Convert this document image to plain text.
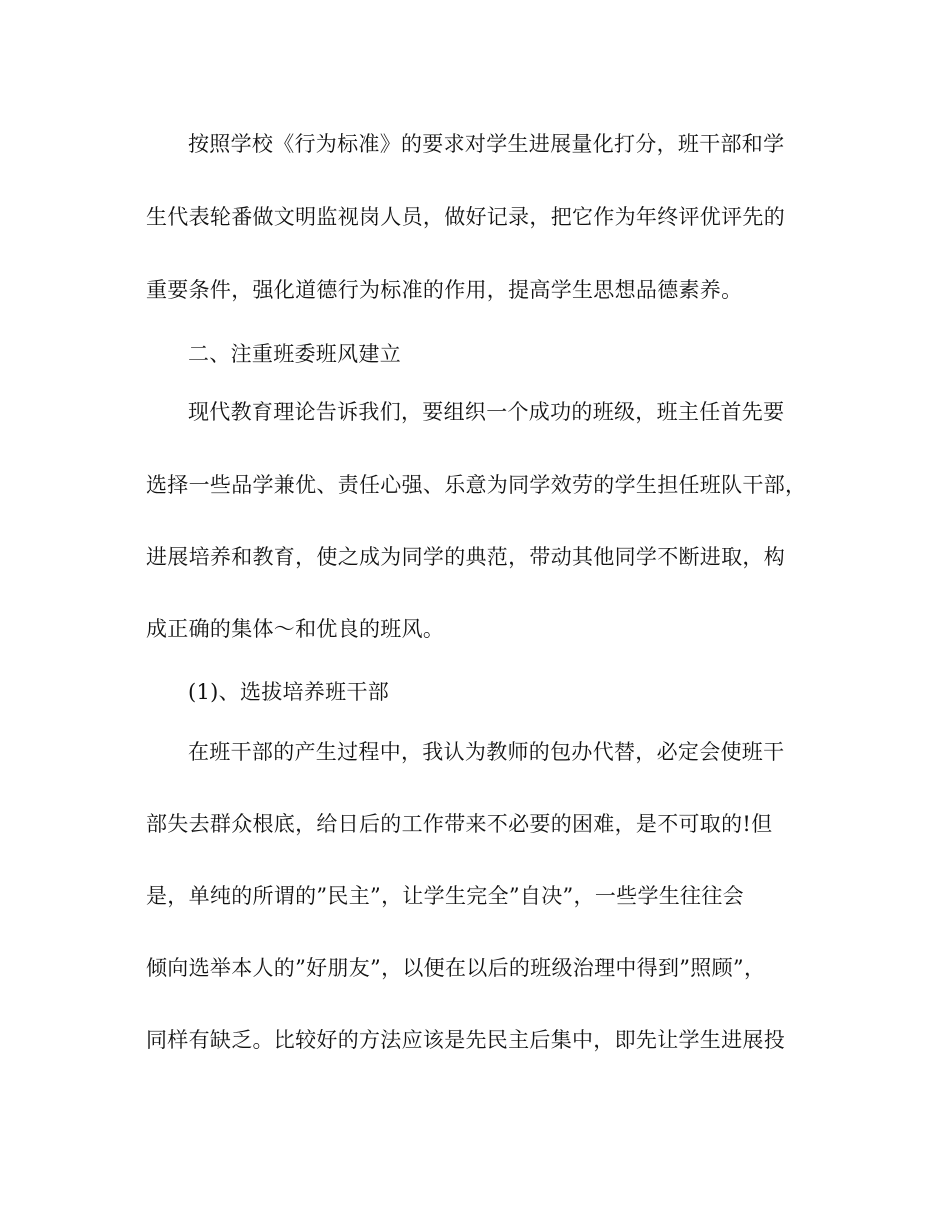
按照学校《行为标准》的要求对学生进展量化打分，班干部和学
生代表轮番做文明监视岗人员，做好记录，把它作为年终评优评先的
重要条件，强化道德行为标准的作用，提高学生思想品德素养。
二、注重班委班风建立
现代教育理论告诉我们，要组织一个成功的班级，班主任首先要
选择一些品学兼优、责任心强、乐意为同学效劳的学生担任班队干部，
进展培养和教育，使之成为同学的典范，带动其他同学不断进取，构
成正确的集体～和优良的班风。
(1)、选拔培养班干部
在班干部的产生过程中，我认为教师的包办代替，必定会使班干
部失去群众根底，给日后的工作带来不必要的困难，是不可取的!但
是，单纯的所谓的”民主”，让学生完全”自决”，一些学生往往会
倾向选举本人的”好朋友”，以便在以后的班级治理中得到”照顾”，
同样有缺乏。比较好的方法应该是先民主后集中，即先让学生进展投
